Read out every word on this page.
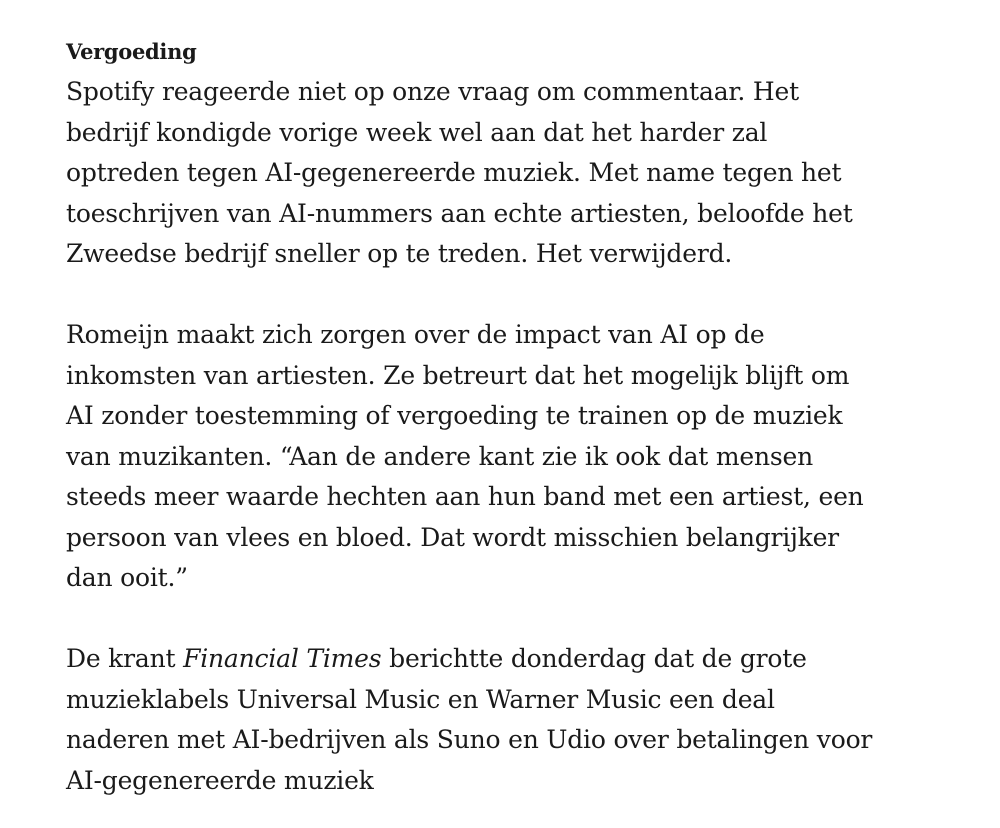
Vergoeding
Spotify reageerde niet op onze vraag om commentaar. Het
bedrijf kondigde vorige week wel aan dat het harder zal
optreden tegen AI-gegenereerde muziek. Met name tegen het
toeschrijven van AI-nummers aan echte artiesten, beloofde het
Zweedse bedrijf sneller op te treden. Het verwijderd.
Romeijn maakt zich zorgen over de impact van AI op de
inkomsten van artiesten. Ze betreurt dat het mogelijk blijft om
AI zonder toestemming of vergoeding te trainen op de muziek
van muzikanten. “Aan de andere kant zie ik ook dat mensen
steeds meer waarde hechten aan hun band met een artiest, een
persoon van vlees en bloed. Dat wordt misschien belangrijker
dan ooit.”
De krant Financial Times berichtte donderdag dat de grote
muzieklabels Universal Music en Warner Music een deal
naderen met AI-bedrijven als Suno en Udio over betalingen voor
AI-gegenereerde muziek
